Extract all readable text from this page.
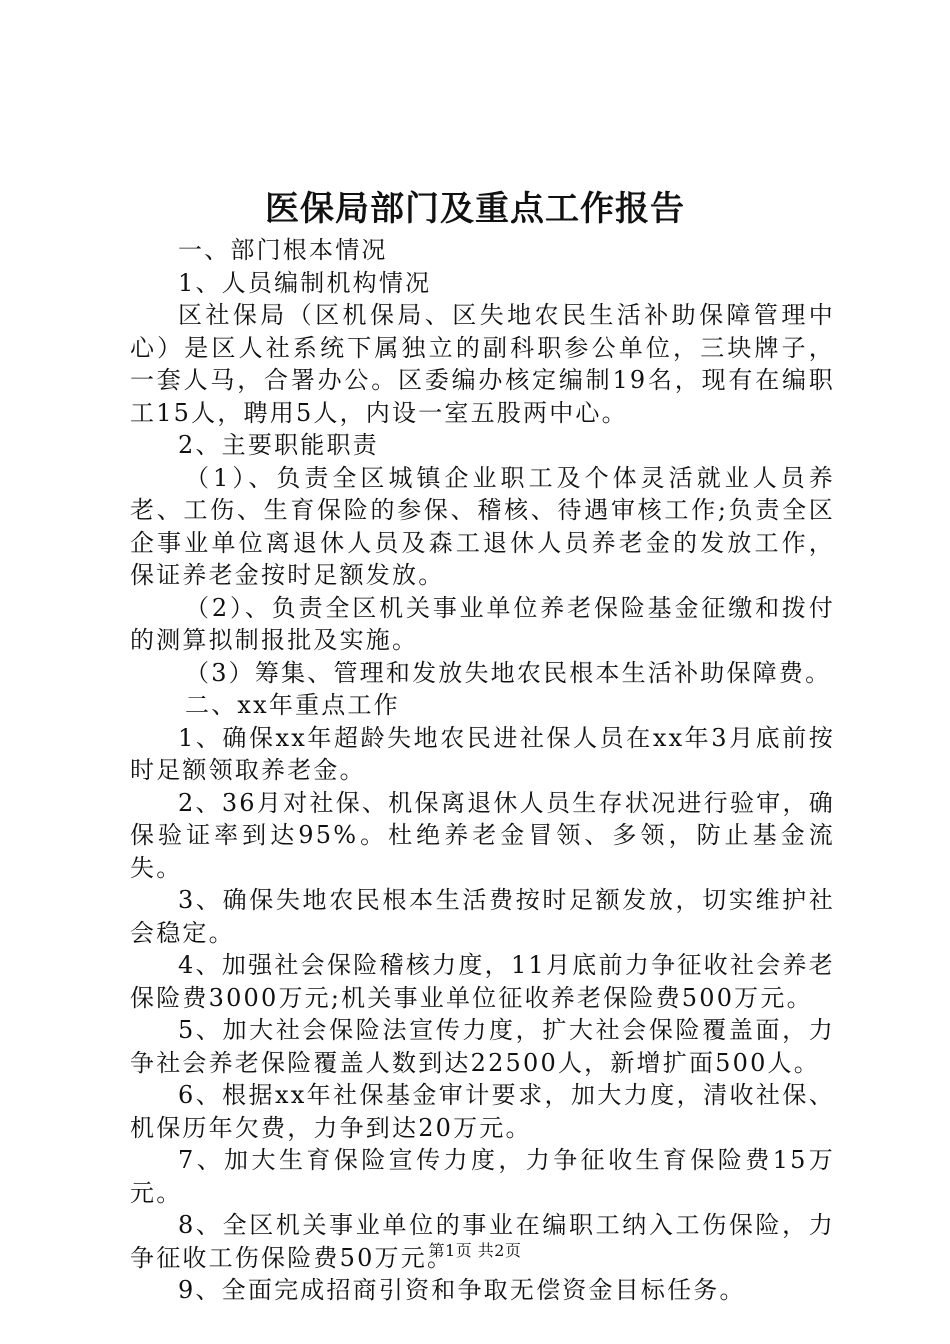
医保局部门及重点工作报告

一、部门根本情况

1、人员编制机构情况

区社保局（区机保局、区失地农民生活补助保障管理中心）是区人社系统下属独立的副科职参公单位，三块牌子，一套人马，合署办公。区委编办核定编制19名，现有在编职工15人，聘用5人，内设一室五股两中心。

2、主要职能职责

（1）、负责全区城镇企业职工及个体灵活就业人员养老、工伤、生育保险的参保、稽核、待遇审核工作;负责全区企事业单位离退休人员及森工退休人员养老金的发放工作，保证养老金按时足额发放。

（2）、负责全区机关事业单位养老保险基金征缴和拨付的测算拟制报批及实施。

（3）筹集、管理和发放失地农民根本生活补助保障费。

二、xx年重点工作

1、确保xx年超龄失地农民进社保人员在xx年3月底前按时足额领取养老金。

2、36月对社保、机保离退休人员生存状况进行验审，确保验证率到达95%。杜绝养老金冒领、多领，防止基金流失。

3、确保失地农民根本生活费按时足额发放，切实维护社会稳定。

4、加强社会保险稽核力度，11月底前力争征收社会养老保险费3000万元;机关事业单位征收养老保险费500万元。

5、加大社会保险法宣传力度，扩大社会保险覆盖面，力争社会养老保险覆盖人数到达22500人，新增扩面500人。

6、根据xx年社保基金审计要求，加大力度，清收社保、机保历年欠费，力争到达20万元。

7、加大生育保险宣传力度，力争征收生育保险费15万元。

8、全区机关事业单位的事业在编职工纳入工伤保险，力争征收工伤保险费50万元。

9、全面完成招商引资和争取无偿资金目标任务。

第1页 共2页
